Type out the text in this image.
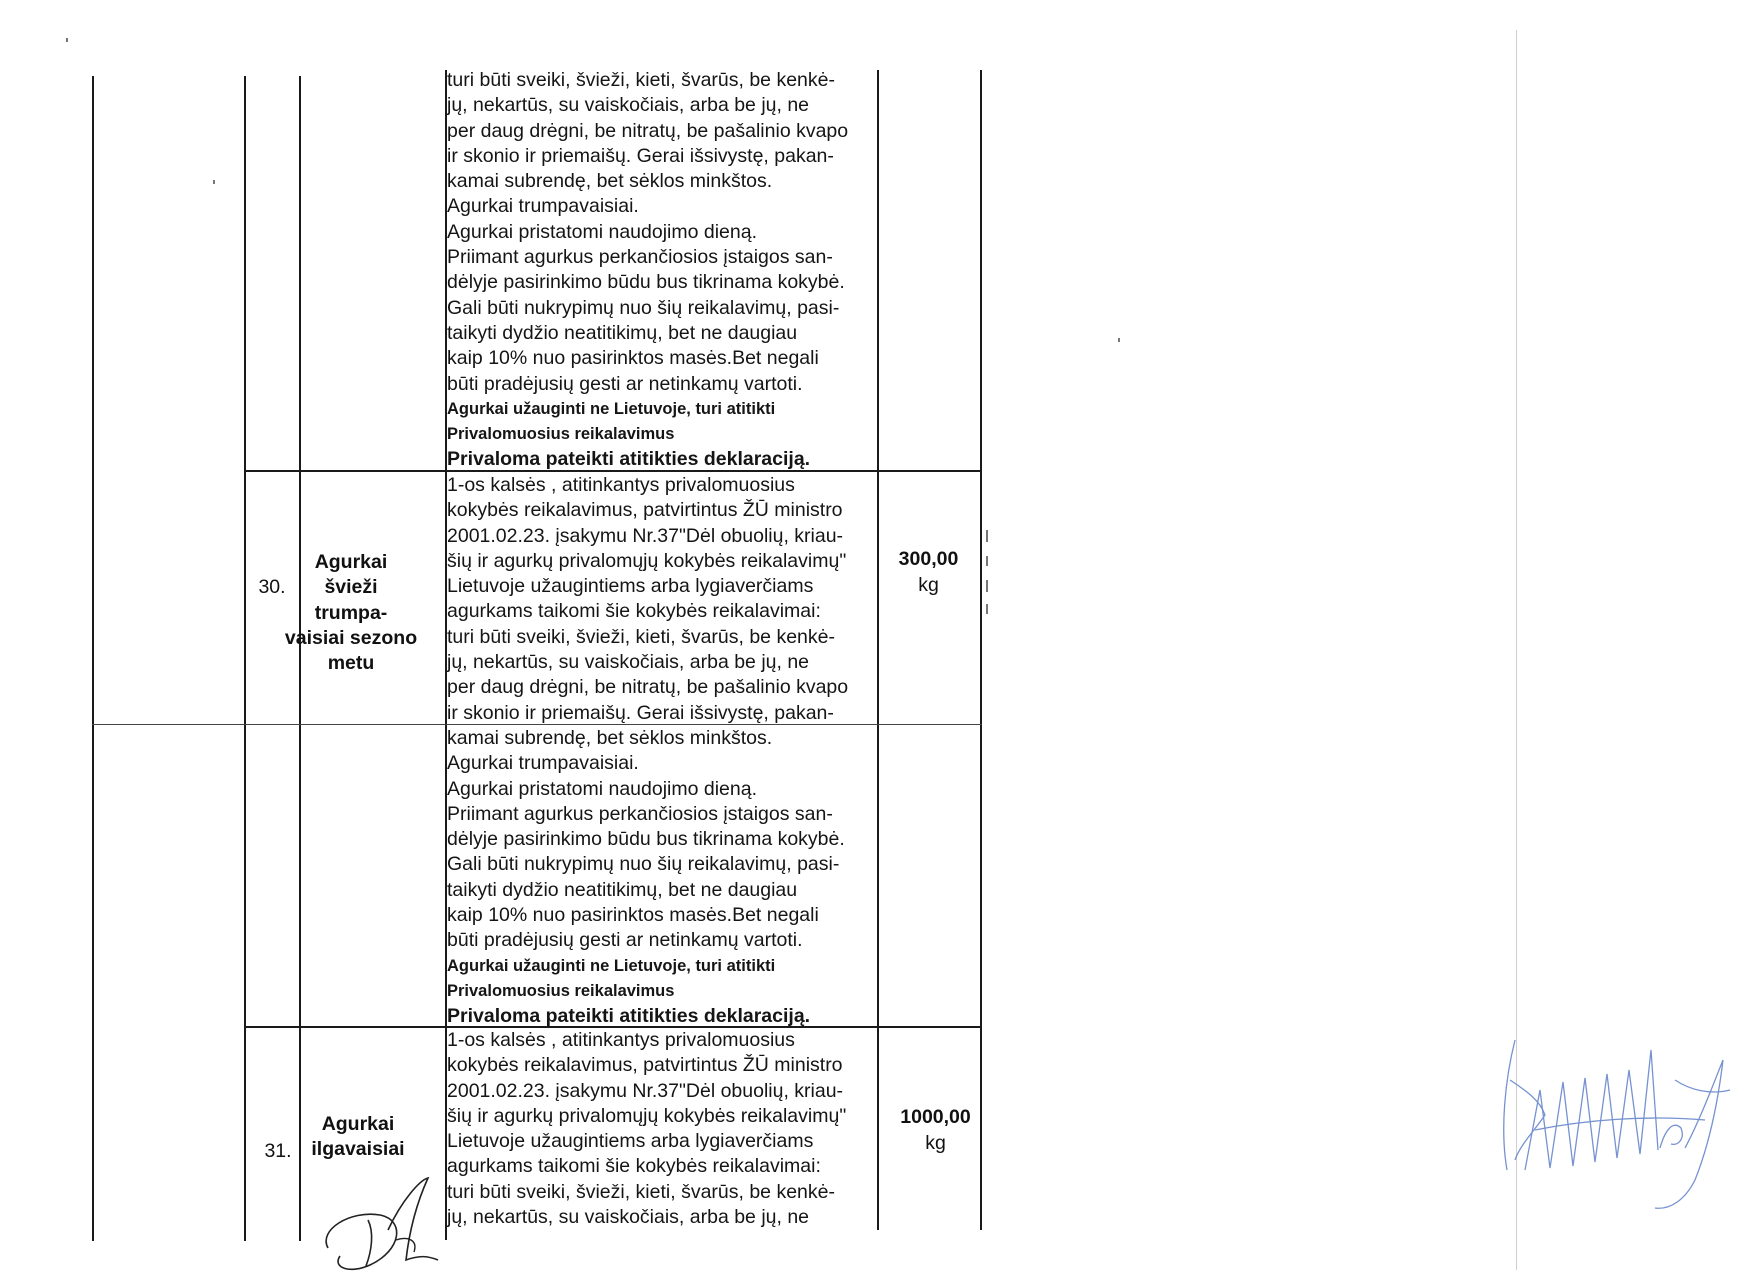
turi būti sveiki, švieži, kieti, švarūs, be kenkė-
jų, nekartūs, su vaiskočiais, arba be jų, ne
per daug drėgni, be nitratų, be pašalinio kvapo
ir skonio ir priemaišų. Gerai išsivystę, pakan-
kamai subrendę, bet sėklos minkštos.
Agurkai trumpavaisiai.
Agurkai pristatomi naudojimo dieną.
Priimant agurkus perkančiosios įstaigos san-
dėlyje pasirinkimo būdu bus tikrinama kokybė.
Gali būti nukrypimų nuo šių reikalavimų, pasi-
taikyti dydžio neatitikimų, bet ne daugiau
kaip 10% nuo pasirinktos masės.Bet negali
būti pradėjusių gesti ar netinkamų vartoti.
Agurkai užauginti ne Lietuvoje, turi atitikti
Privalomuosius reikalavimus
Privaloma pateikti atitikties deklaraciją.
30.
Agurkai
švieži
trumpa-
vaisiai sezono
metu
1-os kalsės , atitinkantys privalomuosius
kokybės reikalavimus, patvirtintus ŽŪ ministro
2001.02.23. įsakymu Nr.37"Dėl obuolių, kriau-
šių ir agurkų privalomųjų kokybės reikalavimų"
Lietuvoje užaugintiems arba lygiaverčiams
agurkams taikomi šie kokybės reikalavimai:
turi būti sveiki, švieži, kieti, švarūs, be kenkė-
jų, nekartūs, su vaiskočiais, arba be jų, ne
per daug drėgni, be nitratų, be pašalinio kvapo
ir skonio ir priemaišų. Gerai išsivystę, pakan-
300,00
kg
kamai subrendę, bet sėklos minkštos.
Agurkai trumpavaisiai.
Agurkai pristatomi naudojimo dieną.
Priimant agurkus perkančiosios įstaigos san-
dėlyje pasirinkimo būdu bus tikrinama kokybė.
Gali būti nukrypimų nuo šių reikalavimų, pasi-
taikyti dydžio neatitikimų, bet ne daugiau
kaip 10% nuo pasirinktos masės.Bet negali
būti pradėjusių gesti ar netinkamų vartoti.
Agurkai užauginti ne Lietuvoje, turi atitikti
Privalomuosius reikalavimus
Privaloma pateikti atitikties deklaraciją.
31.
Agurkai
ilgavaisiai
1-os kalsės , atitinkantys privalomuosius
kokybės reikalavimus, patvirtintus ŽŪ ministro
2001.02.23. įsakymu Nr.37"Dėl obuolių, kriau-
šių ir agurkų privalomųjų kokybės reikalavimų"
Lietuvoje užaugintiems arba lygiaverčiams
agurkams taikomi šie kokybės reikalavimai:
turi būti sveiki, švieži, kieti, švarūs, be kenkė-
jų, nekartūs, su vaiskočiais, arba be jų, ne
1000,00
kg
